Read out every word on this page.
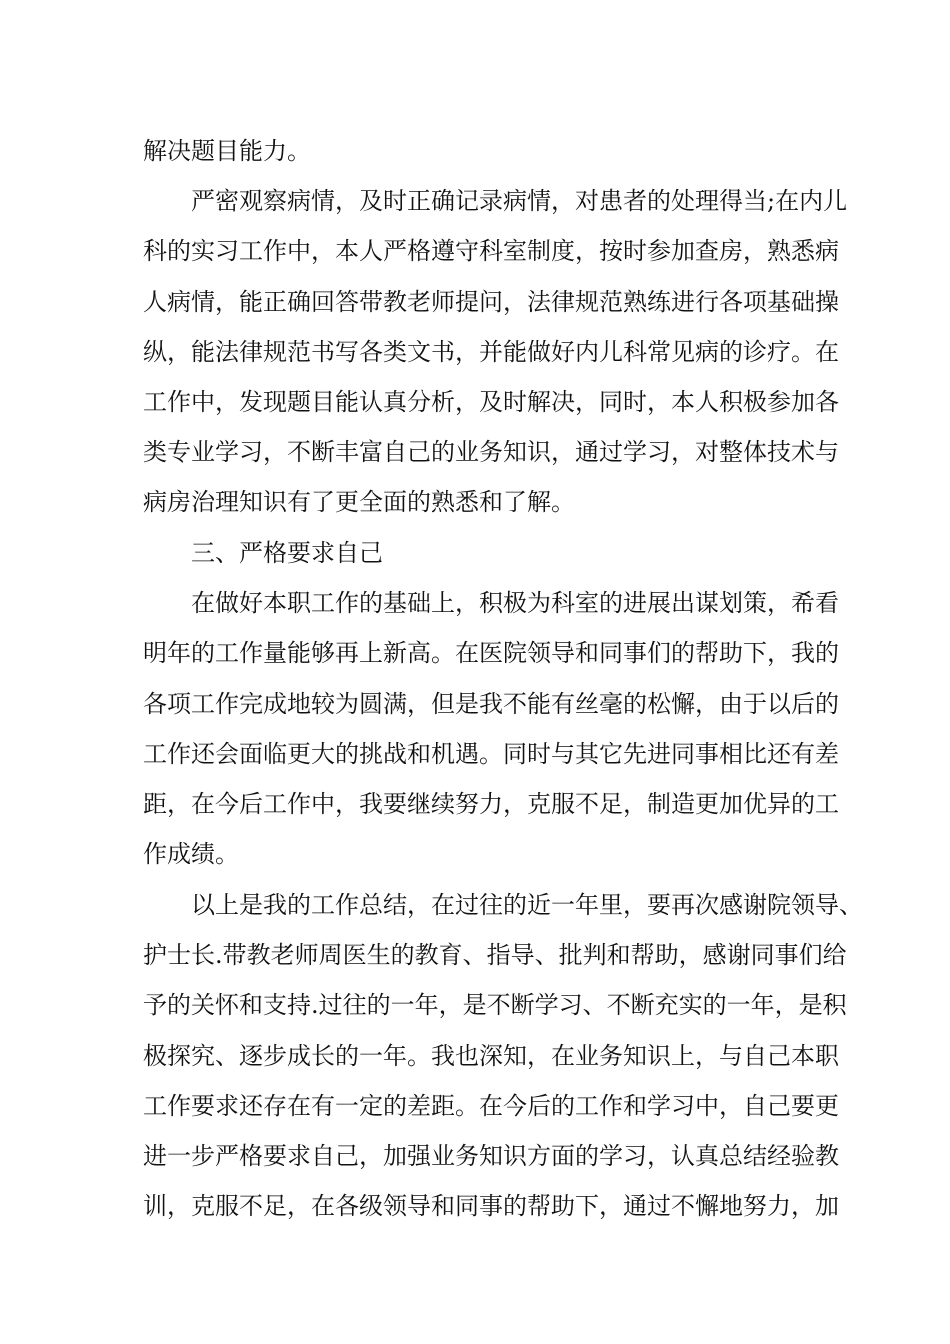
解决题目能力。
严密观察病情，及时正确记录病情，对患者的处理得当;在内儿
科的实习工作中，本人严格遵守科室制度，按时参加查房，熟悉病
人病情，能正确回答带教老师提问，法律规范熟练进行各项基础操
纵，能法律规范书写各类文书，并能做好内儿科常见病的诊疗。在
工作中，发现题目能认真分析，及时解决，同时，本人积极参加各
类专业学习，不断丰富自己的业务知识，通过学习，对整体技术与
病房治理知识有了更全面的熟悉和了解。
三、严格要求自己
在做好本职工作的基础上，积极为科室的进展出谋划策，希看
明年的工作量能够再上新高。在医院领导和同事们的帮助下，我的
各项工作完成地较为圆满，但是我不能有丝毫的松懈，由于以后的
工作还会面临更大的挑战和机遇。同时与其它先进同事相比还有差
距，在今后工作中，我要继续努力，克服不足，制造更加优异的工
作成绩。
以上是我的工作总结，在过往的近一年里，要再次感谢院领导、
护士长.带教老师周医生的教育、指导、批判和帮助，感谢同事们给
予的关怀和支持.过往的一年，是不断学习、不断充实的一年，是积
极探究、逐步成长的一年。我也深知，在业务知识上，与自己本职
工作要求还存在有一定的差距。在今后的工作和学习中，自己要更
进一步严格要求自己，加强业务知识方面的学习，认真总结经验教
训，克服不足，在各级领导和同事的帮助下，通过不懈地努力，加
